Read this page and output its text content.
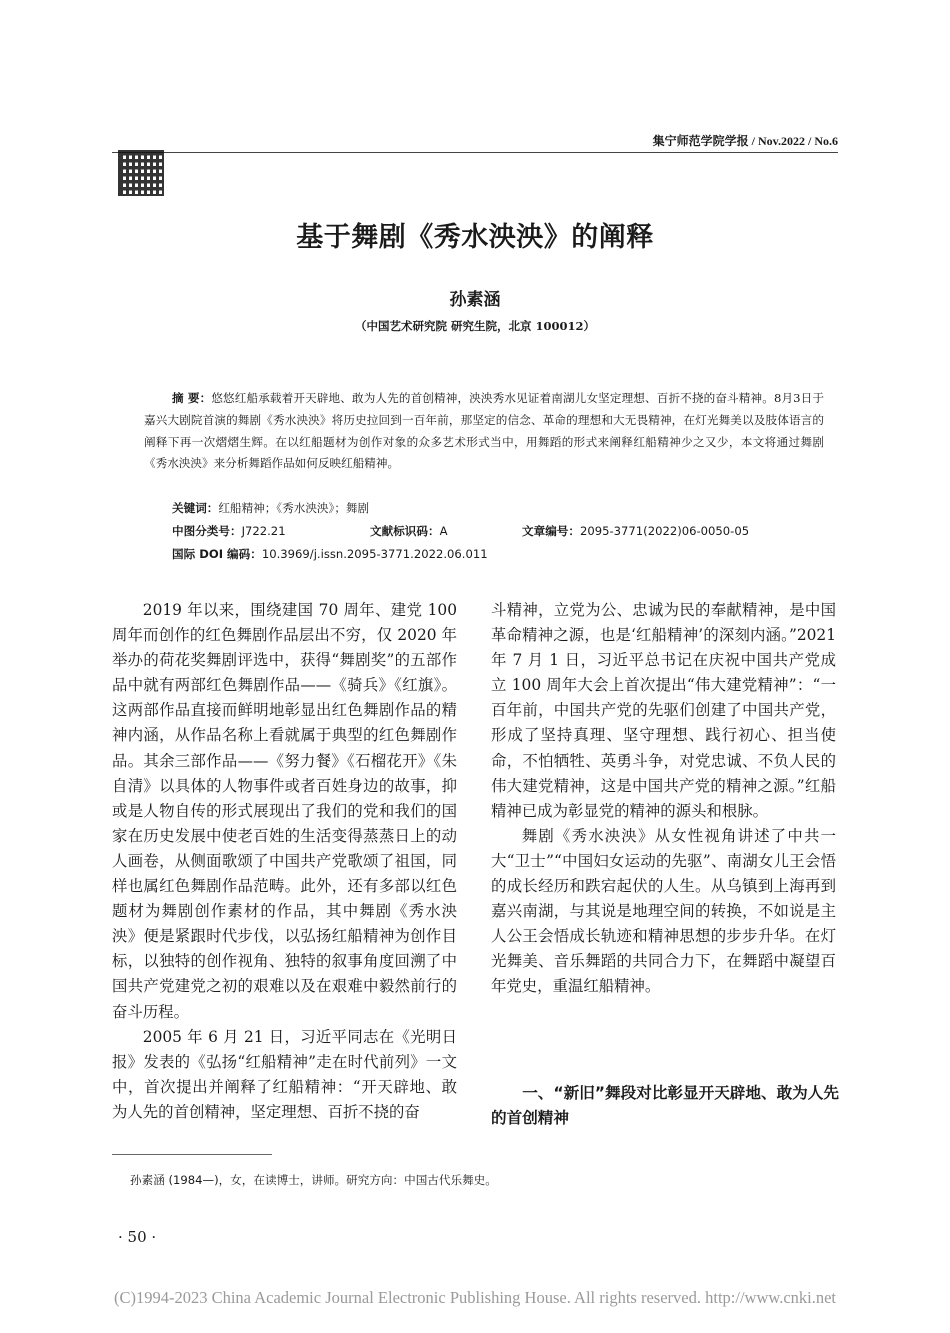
集宁师范学院学报 / Nov.2022 / No.6
基于舞剧《秀水泱泱》的阐释
孙素涵
（中国艺术研究院 研究生院，北京 100012）
摘 要：悠悠红船承载着开天辟地、敢为人先的首创精神，泱泱秀水见证着南湖儿女坚定理想、百折不挠的奋斗精神。8月3日于嘉兴大剧院首演的舞剧《秀水泱泱》将历史拉回到一百年前，那坚定的信念、革命的理想和大无畏精神，在灯光舞美以及肢体语言的阐释下再一次熠熠生辉。在以红船题材为创作对象的众多艺术形式当中，用舞蹈的形式来阐释红船精神少之又少，本文将通过舞剧《秀水泱泱》来分析舞蹈作品如何反映红船精神。
关键词：红船精神；《秀水泱泱》；舞剧
中图分类号：J722.21	文献标识码：A	文章编号：2095-3771(2022)06-0050-05
国际 DOI 编码：10.3969/j.issn.2095-3771.2022.06.011

2019 年以来，围绕建国 70 周年、建党 100 周年而创作的红色舞剧作品层出不穷，仅 2020 年举办的荷花奖舞剧评选中，获得“舞剧奖”的五部作品中就有两部红色舞剧作品——《骑兵》《红旗》。这两部作品直接而鲜明地彰显出红色舞剧作品的精神内涵，从作品名称上看就属于典型的红色舞剧作品。其余三部作品——《努力餐》《石榴花开》《朱自清》以具体的人物事件或者百姓身边的故事，抑或是人物自传的形式展现出了我们的党和我们的国家在历史发展中使老百姓的生活变得蒸蒸日上的动人画卷，从侧面歌颂了中国共产党歌颂了祖国，同样也属红色舞剧作品范畴。此外，还有多部以红色题材为舞剧创作素材的作品，其中舞剧《秀水泱泱》便是紧跟时代步伐，以弘扬红船精神为创作目标，以独特的创作视角、独特的叙事角度回溯了中国共产党建党之初的艰难以及在艰难中毅然前行的奋斗历程。

2005 年 6 月 21 日，习近平同志在《光明日报》发表的《弘扬“红船精神”走在时代前列》一文中，首次提出并阐释了红船精神：“开天辟地、敢为人先的首创精神，坚定理想、百折不挠的奋

斗精神，立党为公、忠诚为民的奉献精神，是中国革命精神之源，也是‘红船精神’的深刻内涵。”2021 年 7 月 1 日，习近平总书记在庆祝中国共产党成立 100 周年大会上首次提出“伟大建党精神”：“一百年前，中国共产党的先驱们创建了中国共产党，形成了坚持真理、坚守理想、践行初心、担当使命，不怕牺牲、英勇斗争，对党忠诚、不负人民的伟大建党精神，这是中国共产党的精神之源。”红船精神已成为彰显党的精神的源头和根脉。

舞剧《秀水泱泱》从女性视角讲述了中共一大“卫士”“中国妇女运动的先驱”、南湖女儿王会悟的成长经历和跌宕起伏的人生。从乌镇到上海再到嘉兴南湖，与其说是地理空间的转换，不如说是主人公王会悟成长轨迹和精神思想的步步升华。在灯光舞美、音乐舞蹈的共同合力下，在舞蹈中凝望百年党史，重温红船精神。

一、“新旧”舞段对比彰显开天辟地、敢为人先的首创精神
孙素涵 (1984—)，女，在读博士，讲师。研究方向：中国古代乐舞史。
· 50 ·
(C)1994-2023 China Academic Journal Electronic Publishing House. All rights reserved. http://www.cnki.net
